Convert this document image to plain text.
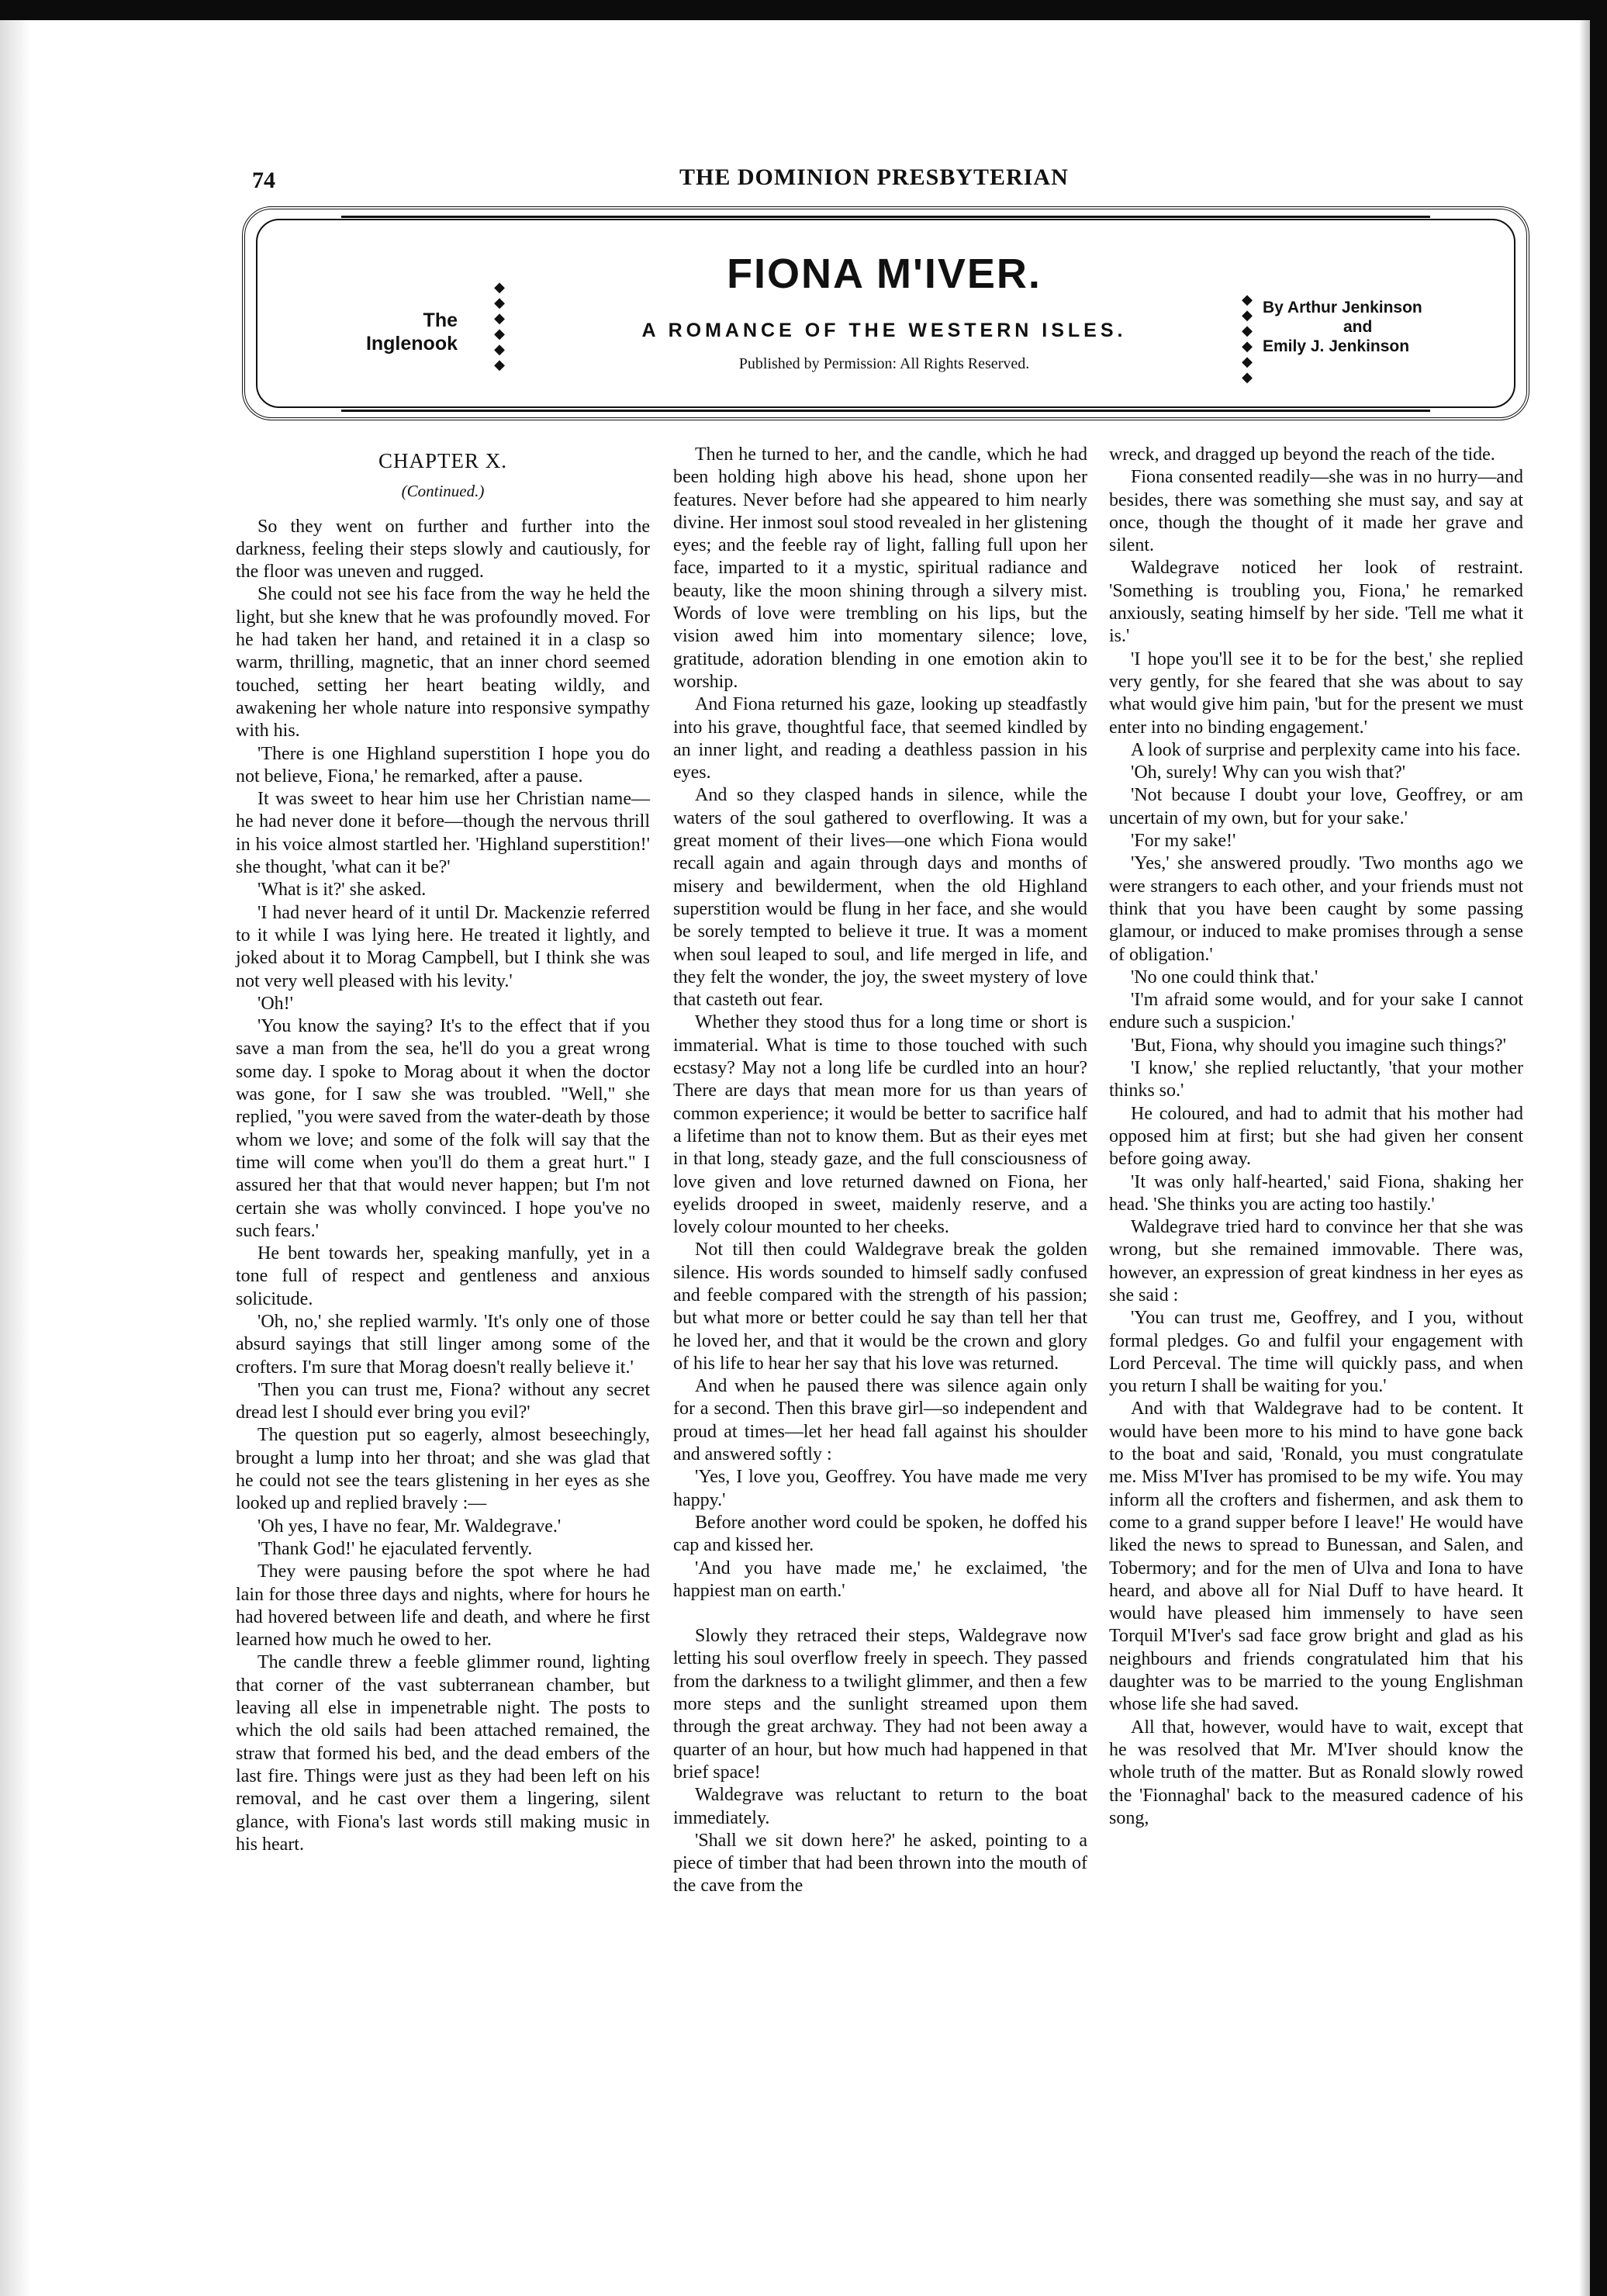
74	THE DOMINION PRESBYTERIAN
The
Inglenook
◆
◆
◆
◆
◆
◆
◆
◆
◆
◆
◆
◆
FIONA M'IVER.
A ROMANCE OF THE WESTERN ISLES.
Published by Permission: All Rights Reserved.
By Arthur Jenkinson
and
Emily J. Jenkinson
CHAPTER X.
(Continued.)

So they went on further and further into the darkness, feeling their steps slowly and cautiously, for the floor was uneven and rugged.

She could not see his face from the way he held the light, but she knew that he was profoundly moved. For he had taken her hand, and retained it in a clasp so warm, thrilling, magnetic, that an inner chord seemed touched, setting her heart beating wildly, and awakening her whole nature into responsive sympathy with his.

'There is one Highland superstition I hope you do not believe, Fiona,' he remarked, after a pause.

It was sweet to hear him use her Christian name—he had never done it before—though the nervous thrill in his voice almost startled her. 'Highland superstition!' she thought, 'what can it be?'

'What is it?' she asked.

'I had never heard of it until Dr. Mackenzie referred to it while I was lying here. He treated it lightly, and joked about it to Morag Campbell, but I think she was not very well pleased with his levity.'

'Oh!'

'You know the saying? It's to the effect that if you save a man from the sea, he'll do you a great wrong some day. I spoke to Morag about it when the doctor was gone, for I saw she was troubled. "Well," she replied, "you were saved from the water-death by those whom we love; and some of the folk will say that the time will come when you'll do them a great hurt." I assured her that that would never happen; but I'm not certain she was wholly convinced. I hope you've no such fears.'

He bent towards her, speaking manfully, yet in a tone full of respect and gentleness and anxious solicitude.

'Oh, no,' she replied warmly. 'It's only one of those absurd sayings that still linger among some of the crofters. I'm sure that Morag doesn't really believe it.'

'Then you can trust me, Fiona? without any secret dread lest I should ever bring you evil?'

The question put so eagerly, almost beseechingly, brought a lump into her throat; and she was glad that he could not see the tears glistening in her eyes as she looked up and replied bravely :—

'Oh yes, I have no fear, Mr. Waldegrave.'

'Thank God!' he ejaculated fervently.

They were pausing before the spot where he had lain for those three days and nights, where for hours he had hovered between life and death, and where he first learned how much he owed to her.

The candle threw a feeble glimmer round, lighting that corner of the vast subterranean chamber, but leaving all else in impenetrable night. The posts to which the old sails had been attached remained, the straw that formed his bed, and the dead embers of the last fire. Things were just as they had been left on his removal, and he cast over them a lingering, silent glance, with Fiona's last words still making music in his heart.

Then he turned to her, and the candle, which he had been holding high above his head, shone upon her features. Never before had she appeared to him nearly divine. Her inmost soul stood revealed in her glistening eyes; and the feeble ray of light, falling full upon her face, imparted to it a mystic, spiritual radiance and beauty, like the moon shining through a silvery mist. Words of love were trembling on his lips, but the vision awed him into momentary silence; love, gratitude, adoration blending in one emotion akin to worship.

And Fiona returned his gaze, looking up steadfastly into his grave, thoughtful face, that seemed kindled by an inner light, and reading a deathless passion in his eyes.

And so they clasped hands in silence, while the waters of the soul gathered to overflowing. It was a great moment of their lives—one which Fiona would recall again and again through days and months of misery and bewilderment, when the old Highland superstition would be flung in her face, and she would be sorely tempted to believe it true. It was a moment when soul leaped to soul, and life merged in life, and they felt the wonder, the joy, the sweet mystery of love that casteth out fear.

Whether they stood thus for a long time or short is immaterial. What is time to those touched with such ecstasy? May not a long life be curdled into an hour? There are days that mean more for us than years of common experience; it would be better to sacrifice half a lifetime than not to know them. But as their eyes met in that long, steady gaze, and the full consciousness of love given and love returned dawned on Fiona, her eyelids drooped in sweet, maidenly reserve, and a lovely colour mounted to her cheeks.

Not till then could Waldegrave break the golden silence. His words sounded to himself sadly confused and feeble compared with the strength of his passion; but what more or better could he say than tell her that he loved her, and that it would be the crown and glory of his life to hear her say that his love was returned.

And when he paused there was silence again only for a second. Then this brave girl—so independent and proud at times—let her head fall against his shoulder and answered softly :

'Yes, I love you, Geoffrey. You have made me very happy.'

Before another word could be spoken, he doffed his cap and kissed her.

'And you have made me,' he exclaimed, 'the happiest man on earth.'

Slowly they retraced their steps, Waldegrave now letting his soul overflow freely in speech. They passed from the darkness to a twilight glimmer, and then a few more steps and the sunlight streamed upon them through the great archway. They had not been away a quarter of an hour, but how much had happened in that brief space!

Waldegrave was reluctant to return to the boat immediately.

'Shall we sit down here?' he asked, pointing to a piece of timber that had been thrown into the mouth of the cave from the

wreck, and dragged up beyond the reach of the tide.

Fiona consented readily—she was in no hurry—and besides, there was something she must say, and say at once, though the thought of it made her grave and silent.

Waldegrave noticed her look of restraint. 'Something is troubling you, Fiona,' he remarked anxiously, seating himself by her side. 'Tell me what it is.'

'I hope you'll see it to be for the best,' she replied very gently, for she feared that she was about to say what would give him pain, 'but for the present we must enter into no binding engagement.'

A look of surprise and perplexity came into his face.

'Oh, surely! Why can you wish that?'

'Not because I doubt your love, Geoffrey, or am uncertain of my own, but for your sake.'

'For my sake!'

'Yes,' she answered proudly. 'Two months ago we were strangers to each other, and your friends must not think that you have been caught by some passing glamour, or induced to make promises through a sense of obligation.'

'No one could think that.'

'I'm afraid some would, and for your sake I cannot endure such a suspicion.'

'But, Fiona, why should you imagine such things?'

'I know,' she replied reluctantly, 'that your mother thinks so.'

He coloured, and had to admit that his mother had opposed him at first; but she had given her consent before going away.

'It was only half-hearted,' said Fiona, shaking her head. 'She thinks you are acting too hastily.'

Waldegrave tried hard to convince her that she was wrong, but she remained immovable. There was, however, an expression of great kindness in her eyes as she said :

'You can trust me, Geoffrey, and I you, without formal pledges. Go and fulfil your engagement with Lord Perceval. The time will quickly pass, and when you return I shall be waiting for you.'

And with that Waldegrave had to be content. It would have been more to his mind to have gone back to the boat and said, 'Ronald, you must congratulate me. Miss M'Iver has promised to be my wife. You may inform all the crofters and fishermen, and ask them to come to a grand supper before I leave!' He would have liked the news to spread to Bunessan, and Salen, and Tobermory; and for the men of Ulva and Iona to have heard, and above all for Nial Duff to have heard. It would have pleased him immensely to have seen Torquil M'Iver's sad face grow bright and glad as his neighbours and friends congratulated him that his daughter was to be married to the young Englishman whose life she had saved.

All that, however, would have to wait, except that he was resolved that Mr. M'Iver should know the whole truth of the matter. But as Ronald slowly rowed the 'Fionnaghal' back to the measured cadence of his song,
